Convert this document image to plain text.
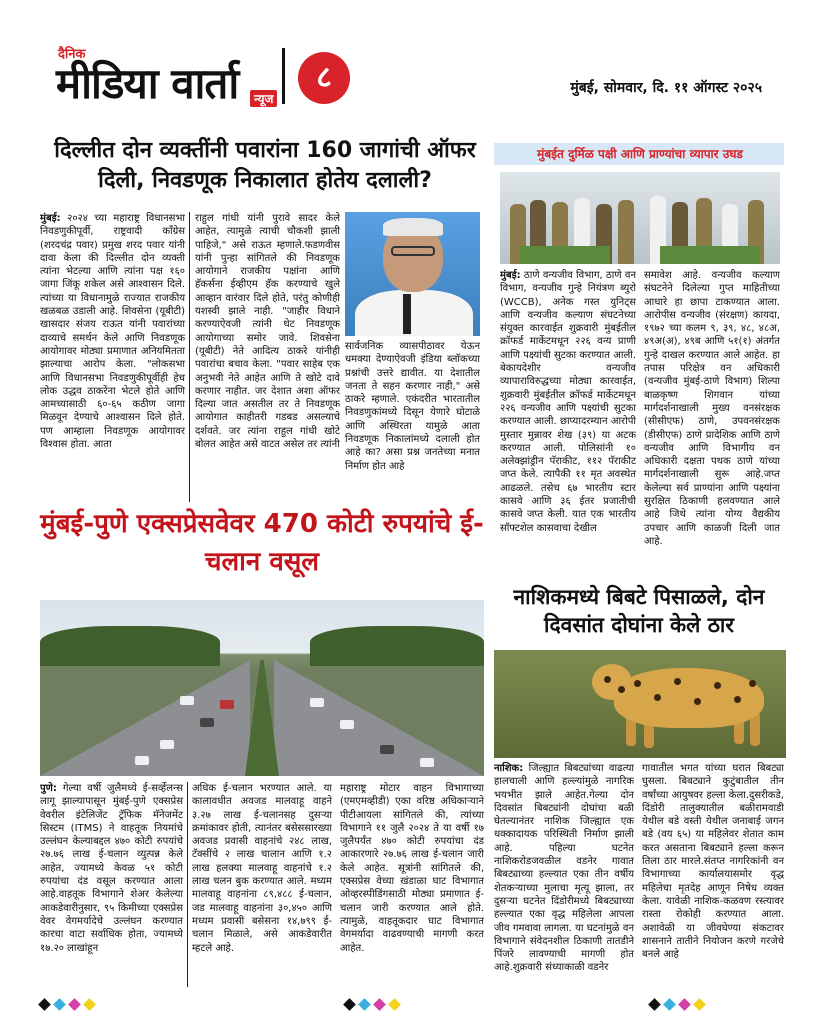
दैनिक
मीडिया वार्ता	न्यूज
८	मुंबई, सोमवार, दि. ११ ऑगस्ट २०२५
दिल्लीत दोन व्यक्तींनी पवारांना 160 जागांची ऑफर दिली, निवडणूक निकालात होतेय दलाली?
मुंबई: २०२४ च्या महाराष्ट्र विधानसभा निवडणुकीपूर्वी, राष्ट्रवादी काँग्रेस (शरदचंद्र पवार) प्रमुख शरद पवार यांनी दावा केला की दिल्लीत दोन व्यक्ती त्यांना भेटल्या आणि त्यांना पक्ष १६० जागा जिंकू शकेल असे आश्वासन दिले. त्यांच्या या विधानामुळे राज्यात राजकीय खळबळ उडाली आहे. शिवसेना (यूबीटी) खासदार संजय राऊत यांनी पवारांच्या दाव्याचे समर्थन केले आणि निवडणूक आयोगावर मोठ्या प्रमाणात अनियमितता झाल्याचा आरोप केला. "लोकसभा आणि विधानसभा निवडणुकीपूर्वीही हेच लोक उद्धव ठाकरेंना भेटले होते आणि आमच्यासाठी ६०-६५ कठीण जागा मिळवून देण्याचे आश्वासन दिले होते. पण आम्हाला निवडणूक आयोगावर विश्वास होता. आता
राहुल गांधी यांनी पुरावे सादर केले आहेत, त्यामुळे त्याची चौकशी झाली पाहिजे," असे राऊत म्हणाले.फडणवीस यांनी पुन्हा सांगितले की निवडणूक आयोगाने राजकीय पक्षांना आणि हॅकर्सना ईव्हीएम हॅक करण्याचे खुले आव्हान वारंवार दिले होते, परंतु कोणीही यशस्वी झाले नाही. "जाहीर विधाने करण्याऐवजी त्यांनी थेट निवडणूक आयोगाच्या समोर जावे. शिवसेना (यूबीटी) नेते आदित्य ठाकरे यांनीही पवारांचा बचाव केला. "पवार साहेब एक अनुभवी नेते आहेत आणि ते खोटे दावे करणार नाहीत. जर देशात अशा ऑफर दिल्या जात असतील तर ते निवडणूक आयोगात काहीतरी गडबड असल्याचे दर्शवते. जर त्यांना राहुल गांधी खोटे बोलत आहेत असे वाटत असेल तर त्यांनी
सार्वजनिक व्यासपीठावर येऊन धमक्या देण्याऐवजी इंडिया ब्लॉकच्या प्रश्नांची उत्तरे द्यावीत. या देशातील जनता ते सहन करणार नाही," असे ठाकरे म्हणाले. एकंदरीत भारतातील निवडणुकांमध्ये दिसून येणारे घोटाळे आणि अस्थिरता यामुळे आता निवडणूक निकालांमध्ये दलाली होत आहे का? असा प्रश्न जनतेच्या मनात निर्माण होत आहे
मुंबईत दुर्मिळ पक्षी आणि प्राण्यांचा व्यापार उघड
मुंबई: ठाणे वन्यजीव विभाग, ठाणे वन विभाग, वन्यजीव गुन्हे नियंत्रण ब्युरो (WCCB), अनेक गस्त युनिट्स आणि वन्यजीव कल्याण संघटनेच्या संयुक्त कारवाईत शुक्रवारी मुंबईतील क्रॉफर्ड मार्केटमधून २२६ वन्य प्राणी आणि पक्ष्यांची सुटका करण्यात आली. बेकायदेशीर वन्यजीव व्यापाराविरुद्धच्या मोठ्या कारवाईत, शुक्रवारी मुंबईतील क्रॉफर्ड मार्केटमधून २२६ वन्यजीव आणि पक्ष्यांची सुटका करण्यात आली. छाप्यादरम्यान आरोपी मुस्तार मुन्नावर शेख (३९) या अटक करण्यात आली. पोलिसांनी १० अलेक्झांड्रीन पॅराकीट, ११२ पॅराकीट जप्त केले. त्यापैकी ११ मृत अवस्थेत आढळले. तसेच ६७ भारतीय स्टार कासवे आणि ३६ ईतर प्रजातीची कासवे जप्त केली. यात एक भारतीय सॉफ्टशेल कासवाचा देखील
समावेश आहे. वन्यजीव कल्याण संघटनेने दिलेल्या गुप्त माहितीच्या आधारे हा छापा टाकण्यात आला. आरोपीस वन्यजीव (संरक्षण) कायदा, १९७२ च्या कलम ९, ३९, ४८, ४८अ, ४९अ(अ), ४९ब आणि ५१(१) अंतर्गत गुन्हे दाखल करण्यात आले आहेत. हा तपास परिक्षेत्र वन अधिकारी (वन्यजीव मुंबई-ठाणे विभाग) शिल्पा बाळकृष्ण शिगवान यांच्या मार्गदर्शनाखाली मुख्य वनसंरक्षक (सीसीएफ) ठाणे, उपवनसंरक्षक (डीसीएफ) ठाणे प्रादेशिक आणि ठाणे वन्यजीव आणि विभागीय वन अधिकारी दक्षता पथक ठाणे यांच्या मार्गदर्शनाखाली सुरू आहे.जप्त केलेल्या सर्व प्राण्यांना आणि पक्ष्यांना सुरक्षित ठिकाणी हलवण्यात आले आहे जिथे त्यांना योग्य वैद्यकीय उपचार आणि काळजी दिली जात आहे.
मुंबई-पुणे एक्सप्रेसवेवर 470 कोटी रुपयांचे ई-चलान वसूल
पुणे: गेल्या वर्षी जुलैमध्ये ई-सर्व्हेलन्स लागू झाल्यापासून मुंबई-पुणे एक्सप्रेस वेवरील इंटेलिजेंट ट्रॅफिक मॅनेजमेंट सिस्टम (ITMS) ने वाहतूक नियमांचे उल्लंघन केल्याबद्दल ४७० कोटी रुपयांचे २७.७६ लाख ई-चलान व्युत्पन्न केले आहेत, ज्यामध्ये केवळ ५१ कोटी रुपयांचा दंड वसूल करण्यात आला आहे.वाहतूक विभागाने शेअर केलेल्या आकडेवारीनुसार, ९५ किमीच्या एक्सप्रेस वेवर वेगमर्यादेचे उल्लंघन करण्यात कारचा वाटा सर्वाधिक होता, ज्यामध्ये १७.२० लाखांहून
अधिक ई-चलान भरण्यात आले. या कालावधीत अवजड मालवाहू वाहने ३.२७ लाख ई-चलानसह दुसऱ्या क्रमांकावर होती, त्यानंतर बसेससारख्या अवजड प्रवासी वाहनांचे २४८ लाख, टॅक्सींचे २ लाख चालान आणि १.२ लाख हलक्या मालवाहू वाहनांचे १.२ लाख चलन बुक करण्यात आले. मध्यम मालवाहू वाहनांना ८९,४८८ ई-चलान, जड मालवाहू वाहनांना ३०,४५० आणि मध्यम प्रवासी बसेसना १४,७९९ ई-चलान मिळाले, असे आकडेवारीत म्हटले आहे.
महाराष्ट्र मोटार वाहन विभागाच्या (एमएमव्हीडी) एका वरिष्ठ अधिकाऱ्याने पीटीआयला सांगितले की, त्यांच्या विभागाने ११ जुलै २०२४ ते या वर्षी १७ जुलैपर्यंत ४७० कोटी रुपयांचा दंड आकारणारे २७.७६ लाख ई-चलान जारी केले आहेत. सूत्रांनी सांगितले की, एक्सप्रेस वेच्या खंडाळा घाट विभागात ओव्हरस्पीडिंगसाठी मोठ्या प्रमाणात ई-चलान जारी करण्यात आले होते. त्यामुळे, वाहतूकदार घाट विभागात वेगमर्यादा वाढवण्याची मागणी करत आहेत.
नाशिकमध्ये बिबटे पिसाळले, दोन दिवसांत दोघांना केले ठार
नाशिक: जिल्ह्यात बिबट्यांच्या वाढत्या हालचाली आणि हल्ल्यांमुळे नागरिक भयभीत झाले आहेत.गेल्या दोन दिवसांत बिबट्यांनी दोघांचा बळी घेतल्यानंतर नाशिक जिल्ह्यात एक धक्कादायक परिस्थिती निर्माण झाली आहे. पहिल्या घटनेत नाशिकरोडजवळील वडनेर गावात बिबट्याच्या हल्ल्यात एका तीन वर्षीय शेतकऱ्याच्या मुलाचा मृत्यू झाला, तर दुसऱ्या घटनेत दिंडोरीमध्ये बिबट्याच्या हल्ल्यात एका वृद्ध महिलेला आपला जीव गमवावा लागला. या घटनांमुळे वन विभागाने संवेदनशील ठिकाणी तातडीने पिंजरे लावण्याची मागणी होत आहे.शुक्रवारी संध्याकाळी वडनेर
गावातील भगत यांच्या घरात बिबट्या घुसला. बिबट्याने कुटुंबातील तीन वर्षांच्या आयुषवर हल्ला केला.दुसरीकडे, दिंडोरी तालुक्यातील बळीरामवाडी येथील बडे वस्ती येथील जनाबाई जगन बडे (वय ६५) या महिलेवर शेतात काम करत असताना बिबट्याने हल्ला करून तिला ठार मारले.संतप्त नागरिकांनी वन विभागाच्या कार्यालयासमोर वृद्ध महिलेचा मृतदेह आणून निषेध व्यक्त केला. यावेळी नाशिक-कळवण रस्त्यावर रास्ता रोकोही करण्यात आला. अशावेळी या जीवघेण्या संकटावर शासनाने तातीने नियोजन करणे गरजेचे बनले आहे
